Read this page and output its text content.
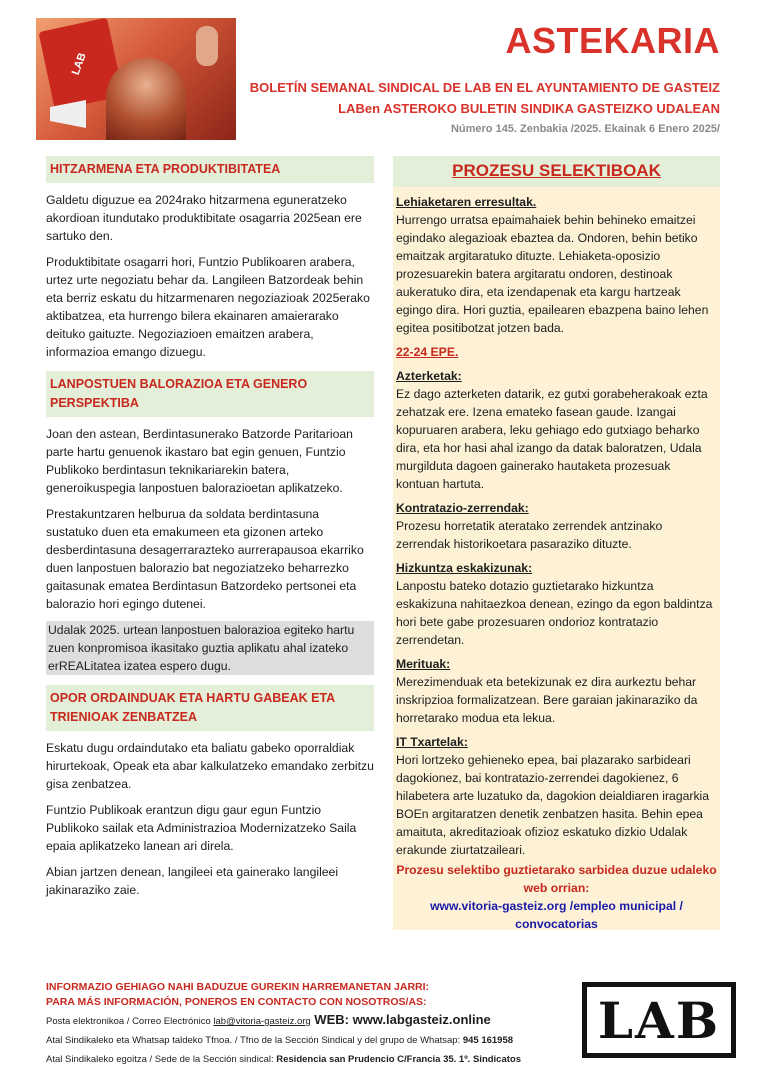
LAB
ASTEKARIA
BOLETÍN SEMANAL SINDICAL DE LAB EN EL AYUNTAMIENTO DE GASTEIZ
LABen ASTEROKO BULETIN SINDIKA GASTEIZKO UDALEAN
Número 145. Zenbakia /2025. Ekainak 6 Enero 2025/
HITZARMENA ETA PRODUKTIBITATEA

Galdetu diguzue ea 2024rako hitzarmena eguneratzeko akordioan itundutako produktibitate osagarria 2025ean ere sartuko den.

Produktibitate osagarri hori, Funtzio Publikoaren arabera, urtez urte negoziatu behar da. Langileen Batzordeak behin eta berriz eskatu du hitzarmenaren negoziazioak 2025erako aktibatzea, eta hurrengo bilera ekainaren amaierarako deituko gaituzte. Negoziazioen emaitzen arabera, informazioa emango dizuegu.

LANPOSTUEN BALORAZIOA ETA GENERO PERSPEKTIBA

Joan den astean, Berdintasunerako Batzorde Paritarioan parte hartu genuenok ikastaro bat egin genuen, Funtzio Publikoko berdintasun teknikariarekin batera, generoikuspegia lanpostuen balorazioetan aplikatzeko.

Prestakuntzaren helburua da soldata berdintasuna sustatuko duen eta emakumeen eta gizonen arteko desberdintasuna desagerrarazteko aurrerapausoa ekarriko duen lanpostuen balorazio bat negoziatzeko beharrezko gaitasunak ematea Berdintasun Batzordeko pertsonei eta balorazio hori egingo dutenei.

Udalak 2025. urtean lanpostuen balorazioa egiteko hartu zuen konpromisoa ikasitako guztia aplikatu ahal izateko erREALitatea izatea espero dugu.

OPOR ORDAINDUAK ETA HARTU GABEAK ETA TRIENIOAK ZENBATZEA

Eskatu dugu ordaindutako eta baliatu gabeko oporraldiak hirurtekoak, Opeak eta abar kalkulatzeko emandako zerbitzu gisa zenbatzea.

Funtzio Publikoak erantzun digu gaur egun Funtzio Publikoko sailak eta Administrazioa Modernizatzeko Saila epaia aplikatzeko lanean ari direla.

Abian jartzen denean, langileei eta gainerako langileei jakinaraziko zaie.

PROZESU SELEKTIBOAK
Lehiaketaren erresultak.
Hurrengo urratsa epaimahaiek behin behineko emaitzei egindako alegazioak ebaztea da. Ondoren, behin betiko emaitzak argitaratuko dituzte. Lehiaketa-oposizio prozesuarekin batera argitaratu ondoren, destinoak aukeratuko dira, eta izendapenak eta kargu hartzeak egingo dira. Hori guztia, epailearen ebazpena baino lehen egitea positibotzat jotzen bada.
22-24 EPE.
Azterketak:
Ez dago azterketen datarik, ez gutxi gorabeherakoak ezta zehatzak ere. Izena emateko fasean gaude. Izangai kopuruaren arabera, leku gehiago edo gutxiago beharko dira, eta hor hasi ahal izango da datak baloratzen, Udala murgilduta dagoen gainerako hautaketa prozesuak kontuan hartuta.
Kontratazio-zerrendak:
Prozesu horretatik ateratako zerrendek antzinako zerrendak historikoetara pasaraziko dituzte.
Hizkuntza eskakizunak:
Lanpostu bateko dotazio guztietarako hizkuntza eskakizuna nahitaezkoa denean, ezingo da egon baldintza hori bete gabe prozesuaren ondorioz kontratazio zerrendetan.
Merituak:
Merezimenduak eta betekizunak ez dira aurkeztu behar inskripzioa formalizatzean. Bere garaian jakinaraziko da horretarako modua eta lekua.
IT Txartelak:
Hori lortzeko gehieneko epea, bai plazarako sarbideari dagokionez, bai kontratazio-zerrendei dagokienez, 6 hilabetera arte luzatuko da, dagokion deialdiaren iragarkia BOEn argitaratzen denetik zenbatzen hasita. Behin epea amaituta, akreditazioak ofizioz eskatuko dizkio Udalak erakunde ziurtatzaileari.
Prozesu selektibo guztietarako sarbidea duzue udaleko web orrian:
www.vitoria-gasteiz.org /empleo municipal /
convocatorias
INFORMAZIO GEHIAGO NAHI BADUZUE GUREKIN HARREMANETAN JARRI:
PARA MÁS INFORMACIÓN, PONEROS EN CONTACTO CON NOSOTROS/AS:
Posta elektronikoa / Correo Electrónico lab@vitoria-gasteiz.org WEB: www.labgasteiz.online
Atal Sindikaleko eta Whatsap taldeko Tfnoa. / Tfno de la Sección Sindical y del grupo de Whatsap: 945 161958
Atal Sindikaleko egoitza / Sede de la Sección sindical: Residencia san Prudencio C/Francia 35. 1º. Sindicatos
LAB
